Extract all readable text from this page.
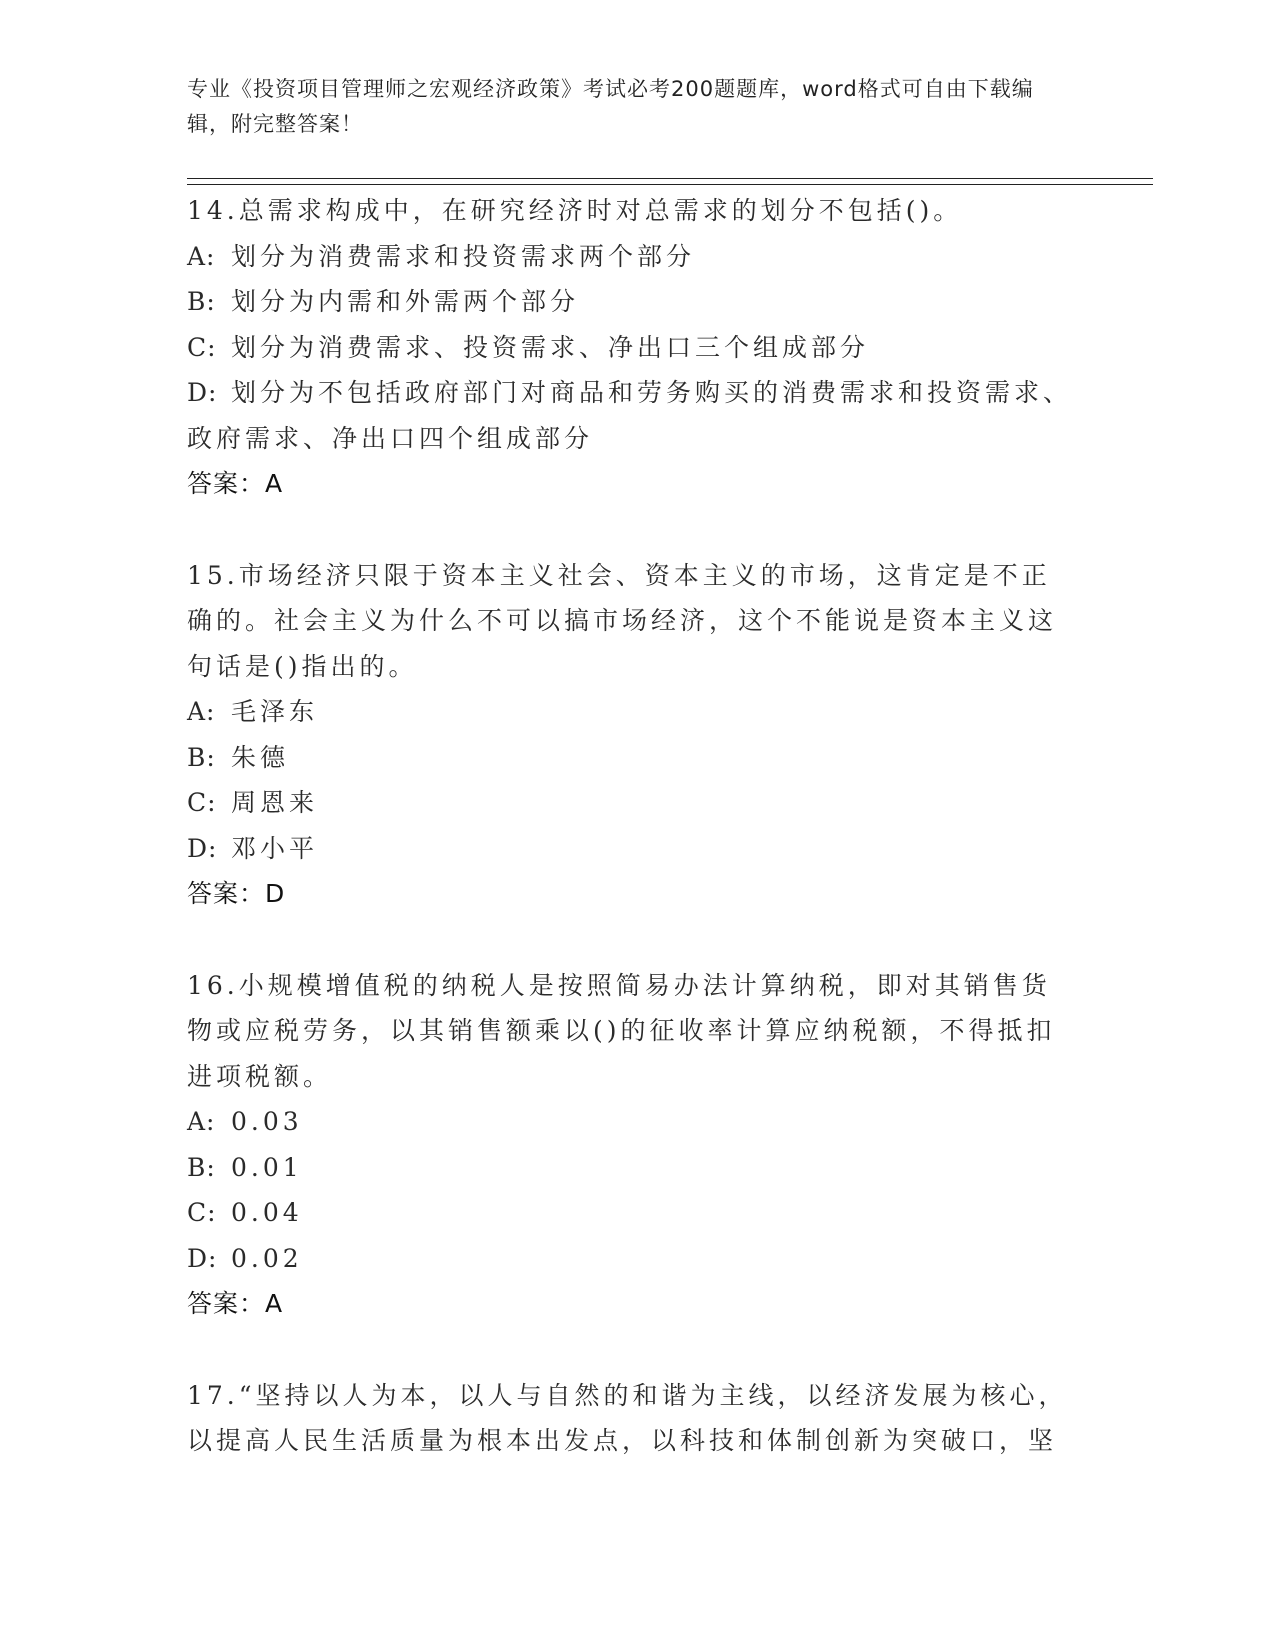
专业《投资项目管理师之宏观经济政策》考试必考200题题库，word格式可自由下载编辑，附完整答案！

14.总需求构成中，在研究经济时对总需求的划分不包括()。

A: 划分为消费需求和投资需求两个部分

B: 划分为内需和外需两个部分

C: 划分为消费需求、投资需求、净出口三个组成部分

D: 划分为不包括政府部门对商品和劳务购买的消费需求和投资需求、政府需求、净出口四个组成部分

答案：A

15.市场经济只限于资本主义社会、资本主义的市场，这肯定是不正确的。社会主义为什么不可以搞市场经济，这个不能说是资本主义这句话是()指出的。

A: 毛泽东

B: 朱德

C: 周恩来

D: 邓小平

答案：D

16.小规模增值税的纳税人是按照简易办法计算纳税，即对其销售货物或应税劳务，以其销售额乘以()的征收率计算应纳税额，不得抵扣进项税额。

A: 0.03

B: 0.01

C: 0.04

D: 0.02

答案：A

17.“坚持以人为本，以人与自然的和谐为主线，以经济发展为核心，以提高人民生活质量为根本出发点，以科技和体制创新为突破口，坚
